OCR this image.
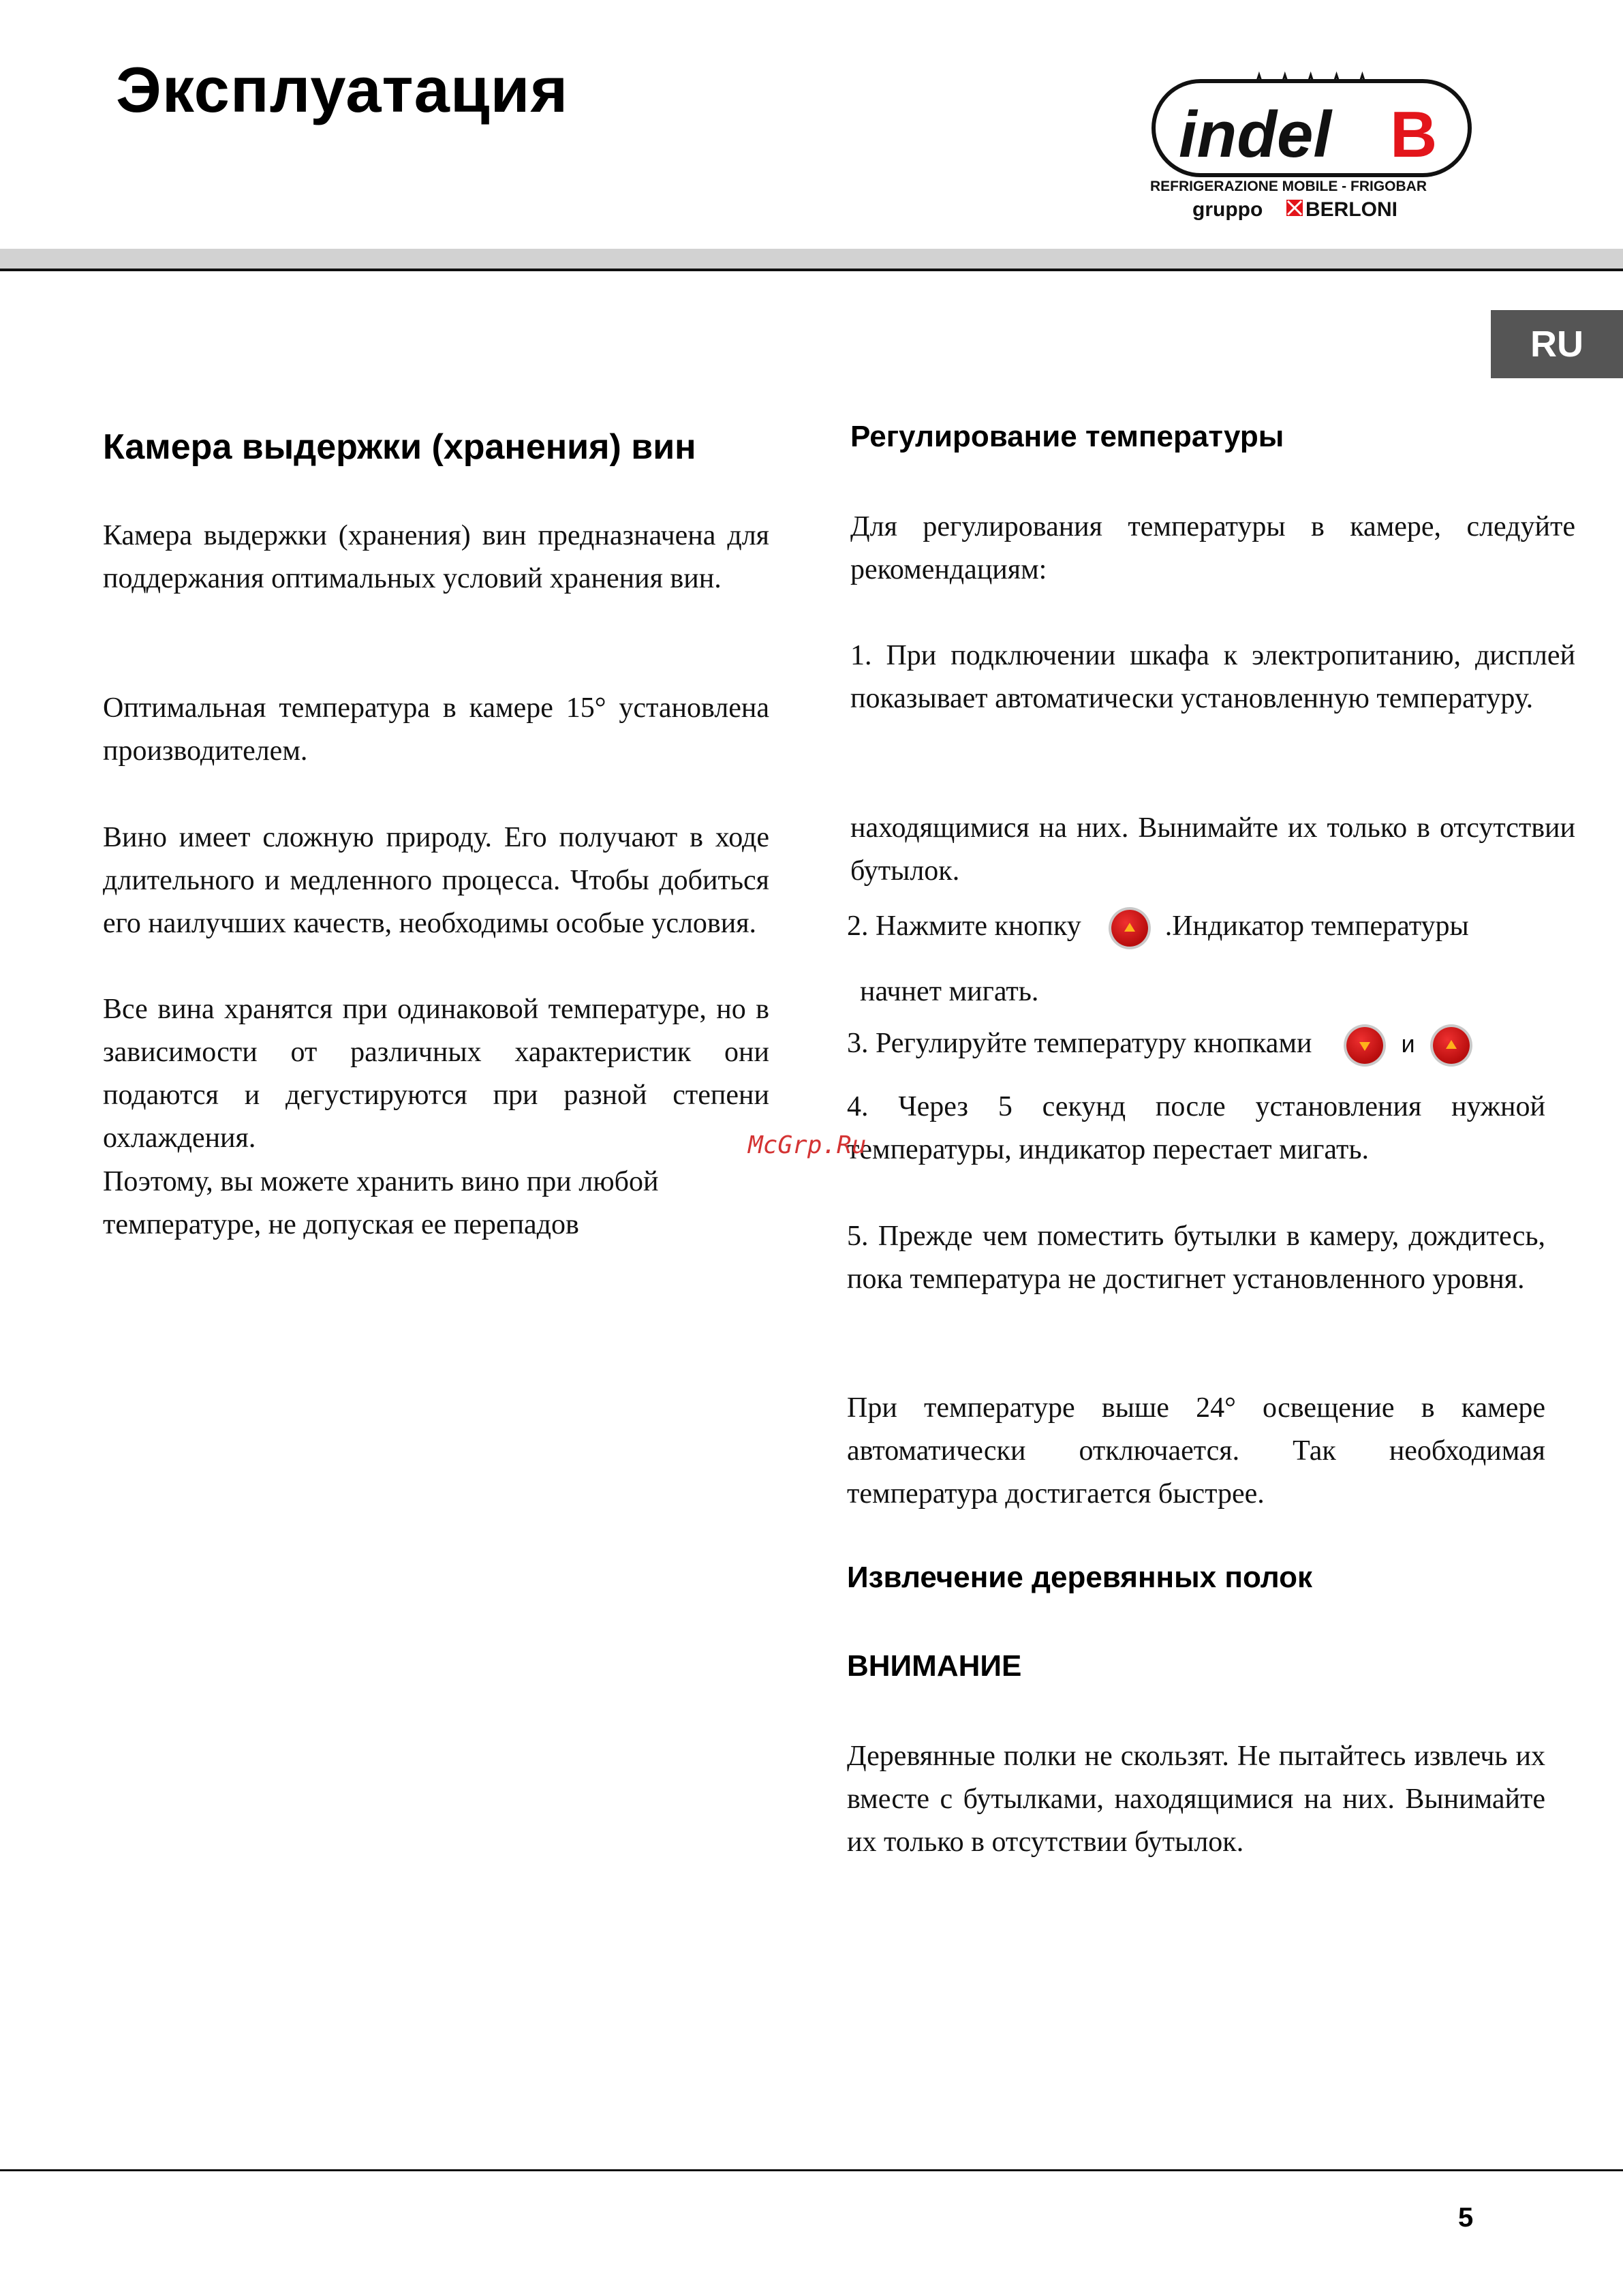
Эксплуатация
indel B
REFRIGERAZIONE MOBILE - FRIGOBAR
gruppo BERLONI
RU
Камера выдержки (хранения) вин

Камера выдержки (хранения) вин предназначена для поддержания оптимальных условий хранения вин.

Оптимальная температура в камере 15° установлена производителем.

Вино имеет сложную природу. Его получают в ходе длительного и медленного процесса. Чтобы добиться его наилучших качеств, необходимы особые условия.

Все вина хранятся при одинаковой температуре, но в зависимости от различных характеристик они подаются и дегустируются при разной степени охлаждения.

Поэтому, вы можете хранить вино при любой температуре, не допуская ее перепадов

Регулирование температуры

Для регулирования температуры в камере, следуйте рекомендациям:

1. При подключении шкафа к электропитанию, дисплей показывает автоматически установленную температуру.

находящимися на них. Вынимайте их только в отсутствии бутылок.

2. Нажмите кнопку	.Индикатор температуры
начнет мигать.
3. Регулируйте температуру кнопками	и

4. Через 5 секунд после установления нужной температуры, индикатор перестает мигать.

5. Прежде чем поместить бутылки в камеру, дождитесь, пока температура не достигнет установленного уровня.

При температуре выше 24° освещение в камере автоматически отключается. Так необходимая температура достигается быстрее.

Извлечение деревянных полок
ВНИМАНИЕ

Деревянные полки не скользят. Не пытайтесь извлечь их вместе с бутылками, находящимися на них. Вынимайте их только в отсутствии бутылок.

McGrp.Ru
5
